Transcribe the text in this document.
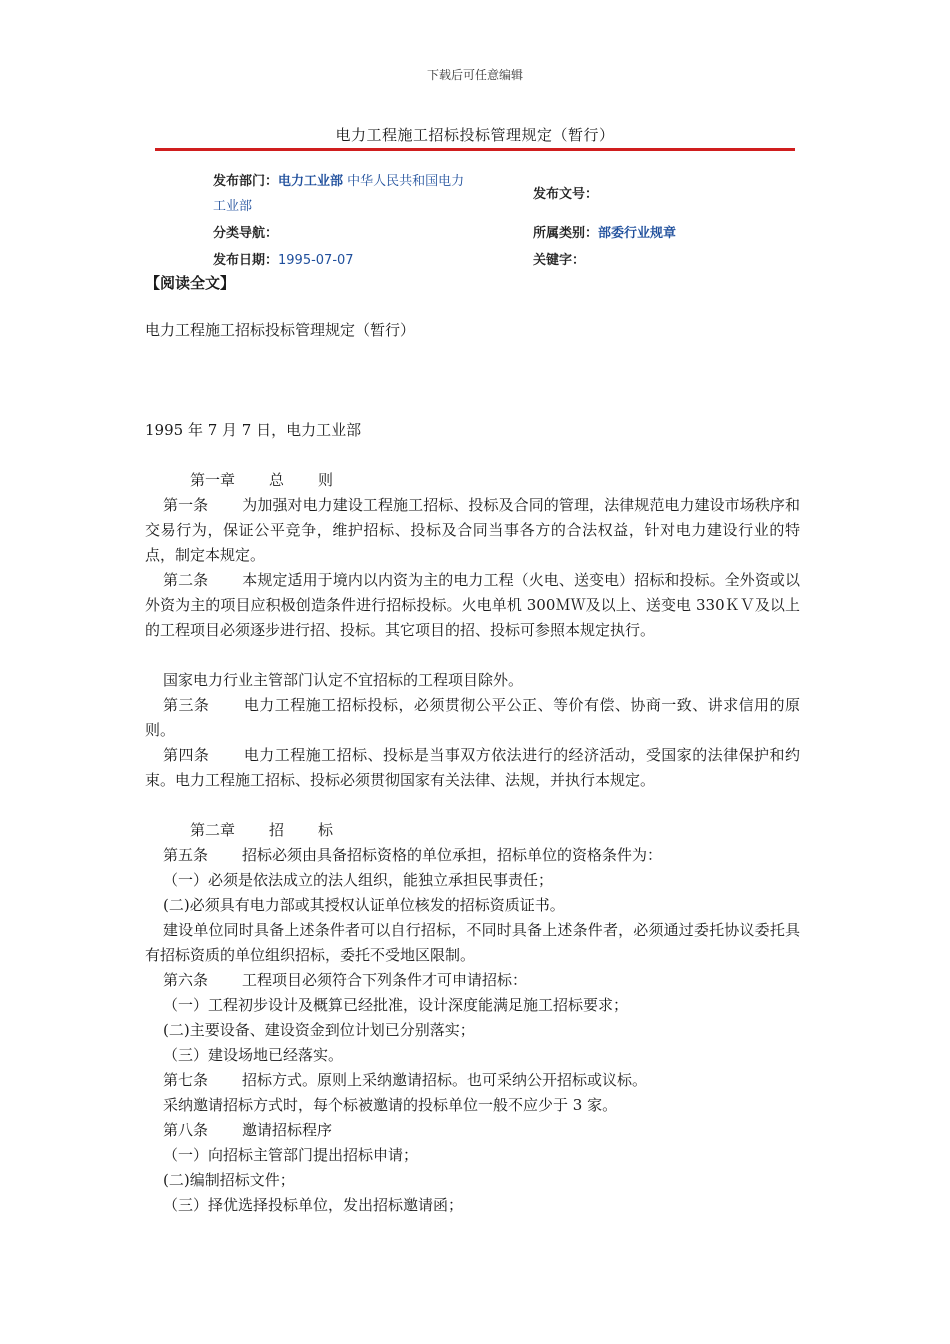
下载后可任意编辑
电力工程施工招标投标管理规定（暂行）
发布部门：电力工业部 中华人民共和国电力
工业部
发布文号：
分类导航：	所属类别：部委行业规章
发布日期：1995-07-07	关键字：
【阅读全文】
电力工程施工招标投标管理规定（暂行）
1995 年 7 月 7 日，电力工业部
第一章 总 则
第一条 为加强对电力建设工程施工招标、投标及合同的管理，法律规范电力建设市场秩序和交易行为，保证公平竞争，维护招标、投标及合同当事各方的合法权益，针对电力建设行业的特点，制定本规定。
第二条 本规定适用于境内以内资为主的电力工程（火电、送变电）招标和投标。全外资或以外资为主的项目应积极创造条件进行招标投标。火电单机 300ＭＷ及以上、送变电 330ＫＶ及以上的工程项目必须逐步进行招、投标。其它项目的招、投标可参照本规定执行。
国家电力行业主管部门认定不宜招标的工程项目除外。
第三条 电力工程施工招标投标，必须贯彻公平公正、等价有偿、协商一致、讲求信用的原则。
第四条 电力工程施工招标、投标是当事双方依法进行的经济活动，受国家的法律保护和约束。电力工程施工招标、投标必须贯彻国家有关法律、法规，并执行本规定。
第二章 招 标
第五条 招标必须由具备招标资格的单位承担，招标单位的资格条件为：
（一）必须是依法成立的法人组织，能独立承担民事责任；
(二)必须具有电力部或其授权认证单位核发的招标资质证书。
建设单位同时具备上述条件者可以自行招标，不同时具备上述条件者，必须通过委托协议委托具有招标资质的单位组织招标，委托不受地区限制。
第六条 工程项目必须符合下列条件才可申请招标：
（一）工程初步设计及概算已经批准，设计深度能满足施工招标要求；
(二)主要设备、建设资金到位计划已分别落实；
（三）建设场地已经落实。
第七条 招标方式。原则上采纳邀请招标。也可采纳公开招标或议标。
采纳邀请招标方式时，每个标被邀请的投标单位一般不应少于 3 家。
第八条 邀请招标程序
（一）向招标主管部门提出招标申请；
(二)编制招标文件；
（三）择优选择投标单位，发出招标邀请函；
